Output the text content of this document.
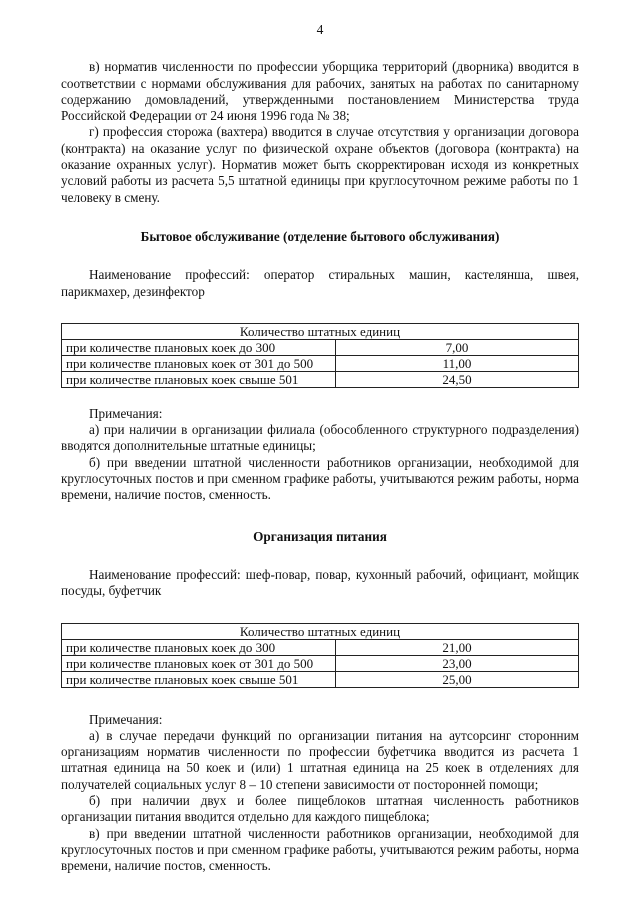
4

в) норматив численности по профессии уборщика территорий (дворника) вводится в соответствии с нормами обслуживания для рабочих, занятых на работах по санитарному содержанию домовладений, утвержденными постановлением Министерства труда Российской Федерации от 24 июня 1996 года № 38;

г) профессия сторожа (вахтера) вводится в случае отсутствия у организации договора (контракта) на оказание услуг по физической охране объектов (договора (контракта) на оказание охранных услуг). Норматив может быть скорректирован исходя из конкретных условий работы из расчета 5,5 штатной единицы при круглосуточном режиме работы по 1 человеку в смену.

Бытовое обслуживание (отделение бытового обслуживания)

Наименование профессий: оператор стиральных машин, кастелянша, швея, парикмахер, дезинфектор

Количество штатных единиц	
при количестве плановых коек до 300	7,00
при количестве плановых коек от 301 до 500	11,00
при количестве плановых коек свыше 501	24,50

Примечания:

а) при наличии в организации филиала (обособленного структурного подразделения) вводятся дополнительные штатные единицы;

б) при введении штатной численности работников организации, необходимой для круглосуточных постов и при сменном графике работы, учитываются режим работы, норма времени, наличие постов, сменность.

Организация питания

Наименование профессий: шеф-повар, повар, кухонный рабочий, официант, мойщик посуды, буфетчик

Количество штатных единиц	
при количестве плановых коек до 300	21,00
при количестве плановых коек от 301 до 500	23,00
при количестве плановых коек свыше 501	25,00

Примечания:

а) в случае передачи функций по организации питания на аутсорсинг сторонним организациям норматив численности по профессии буфетчика вводится из расчета 1 штатная единица на 50 коек и (или) 1 штатная единица на 25 коек в отделениях для получателей социальных услуг 8 – 10 степени зависимости от посторонней помощи;

б) при наличии двух и более пищеблоков штатная численность работников организации питания вводится отдельно для каждого пищеблока;

в) при введении штатной численности работников организации, необходимой для круглосуточных постов и при сменном графике работы, учитываются режим работы, норма времени, наличие постов, сменность.
